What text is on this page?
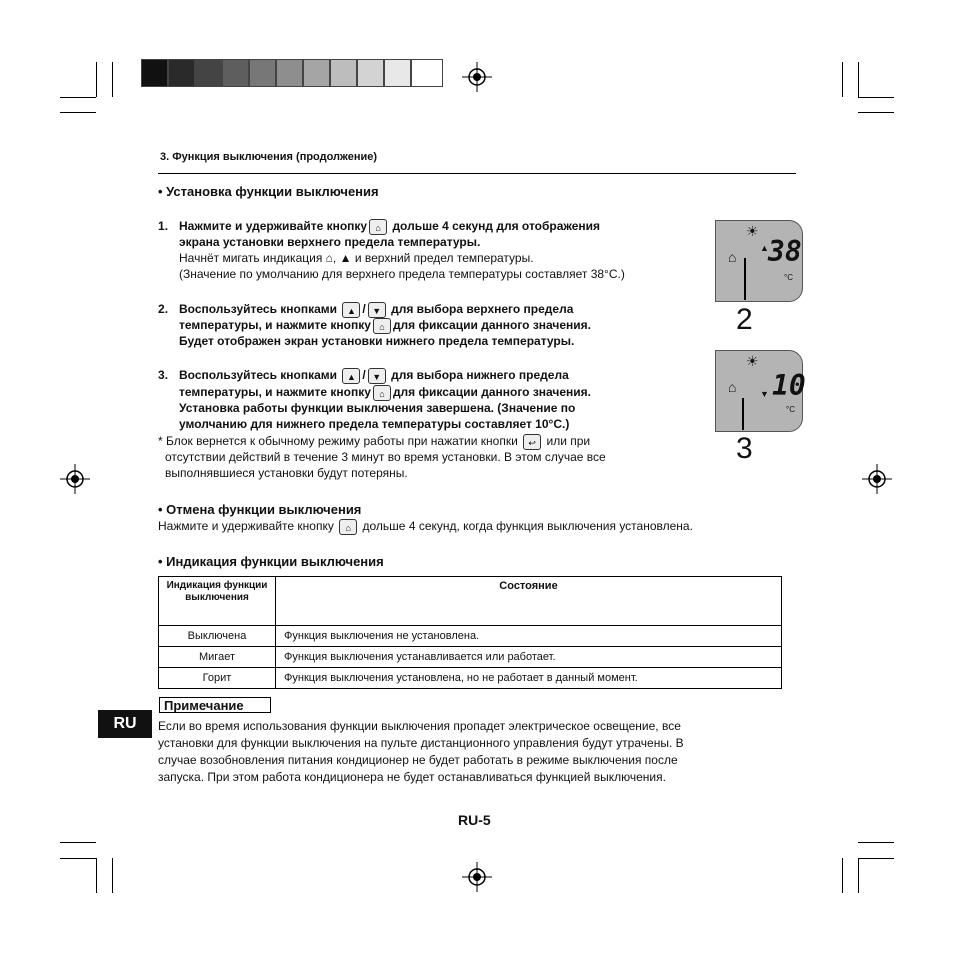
3. Функция выключения (продолжение)
• Установка функции выключения
1. Нажмите и удерживайте кнопку ⌂ дольше 4 секунд для отображения
экрана установки верхнего предела температуры.
Начнёт мигать индикация ⌂, ▲ и верхний предел температуры.
(Значение по умолчанию для верхнего предела температуры составляет 38°C.)
2. Воспользуйтесь кнопками ▲ / ▼ для выбора верхнего предела
температуры, и нажмите кнопку ⌂ для фиксации данного значения.
Будет отображен экран установки нижнего предела температуры.
3. Воспользуйтесь кнопками ▲ / ▼ для выбора нижнего предела
температуры, и нажмите кнопку ⌂ для фиксации данного значения.
Установка работы функции выключения завершена. (Значение по
умолчанию для нижнего предела температуры составляет 10°C.)
* Блок вернется к обычному режиму работы при нажатии кнопки ↩ или при
отсутствии действий в течение 3 минут во время установки. В этом случае все
выполнявшиеся установки будут потеряны.
☀
⌂
▲ 38
°C
2
☀
⌂	▼ 10
°C
3
• Отмена функции выключения
Нажмите и удерживайте кнопку ⌂ дольше 4 секунд, когда функция выключения установлена.
• Индикация функции выключения
Индикация функции выключения	Состояние
Выключена	Функция выключения не установлена.
Мигает	Функция выключения устанавливается или работает.
Горит	Функция выключения установлена, но не работает в данный момент.
Примечание
RU	Если во время использования функции выключения пропадет электрическое освещение, все
установки для функции выключения на пульте дистанционного управления будут утрачены. В
случае возобновления питания кондиционер не будет работать в режиме выключения после
запуска. При этом работа кондиционера не будет останавливаться функцией выключения.
RU-5
